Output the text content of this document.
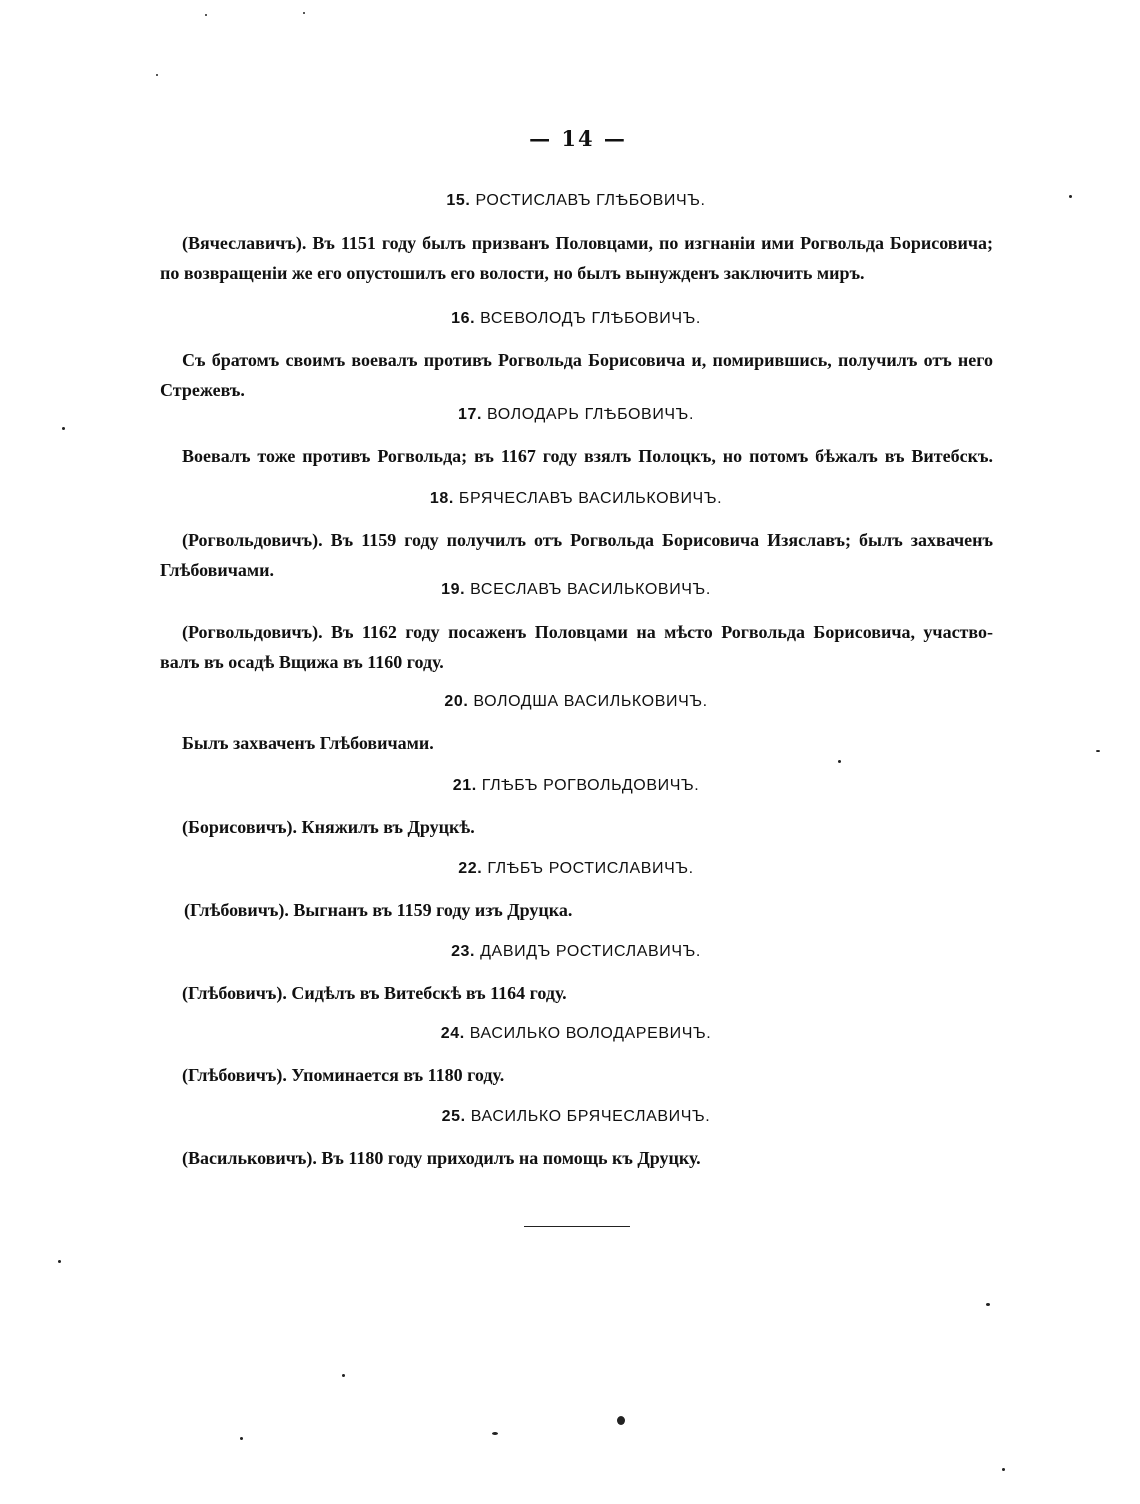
— 14 —
15. РОСТИСЛАВЪ ГЛѢБОВИЧЪ.
(Вячеславичъ). Въ 1151 году былъ призванъ Половцами, по изгнаніи ими Рогвольда Борисовича;
по возвращеніи же его опустошилъ его волости, но былъ вынужденъ заключить миръ.
16. ВСЕВОЛОДЪ ГЛѢБОВИЧЪ.
Съ братомъ своимъ воевалъ противъ Рогвольда Борисовича и, помирившись, получилъ отъ него
Стрежевъ.
17. ВОЛОДАРЬ ГЛѢБОВИЧЪ.
Воевалъ тоже противъ Рогвольда; въ 1167 году взялъ Полоцкъ, но потомъ бѣжалъ въ Витебскъ.
18. БРЯЧЕСЛАВЪ ВАСИЛЬКОВИЧЪ.
(Рогвольдовичъ). Въ 1159 году получилъ отъ Рогвольда Борисовича Изяславъ; былъ захваченъ
Глѣбовичами.
19. ВСЕСЛАВЪ ВАСИЛЬКОВИЧЪ.
(Рогвольдовичъ). Въ 1162 году посаженъ Половцами на мѣсто Рогвольда Борисовича, участво-
валъ въ осадѣ Вщижа въ 1160 году.
20. ВОЛОДША ВАСИЛЬКОВИЧЪ.
Былъ захваченъ Глѣбовичами.
21. ГЛѢБЪ РОГВОЛЬДОВИЧЪ.
(Борисовичъ). Княжилъ въ Друцкѣ.
22. ГЛѢБЪ РОСТИСЛАВИЧЪ.
(Глѣбовичъ). Выгнанъ въ 1159 году изъ Друцка.
23. ДАВИДЪ РОСТИСЛАВИЧЪ.
(Глѣбовичъ). Сидѣлъ въ Витебскѣ въ 1164 году.
24. ВАСИЛЬКО ВОЛОДАРЕВИЧЪ.
(Глѣбовичъ). Упоминается въ 1180 году.
25. ВАСИЛЬКО БРЯЧЕСЛАВИЧЪ.
(Васильковичъ). Въ 1180 году приходилъ на помощь къ Друцку.
